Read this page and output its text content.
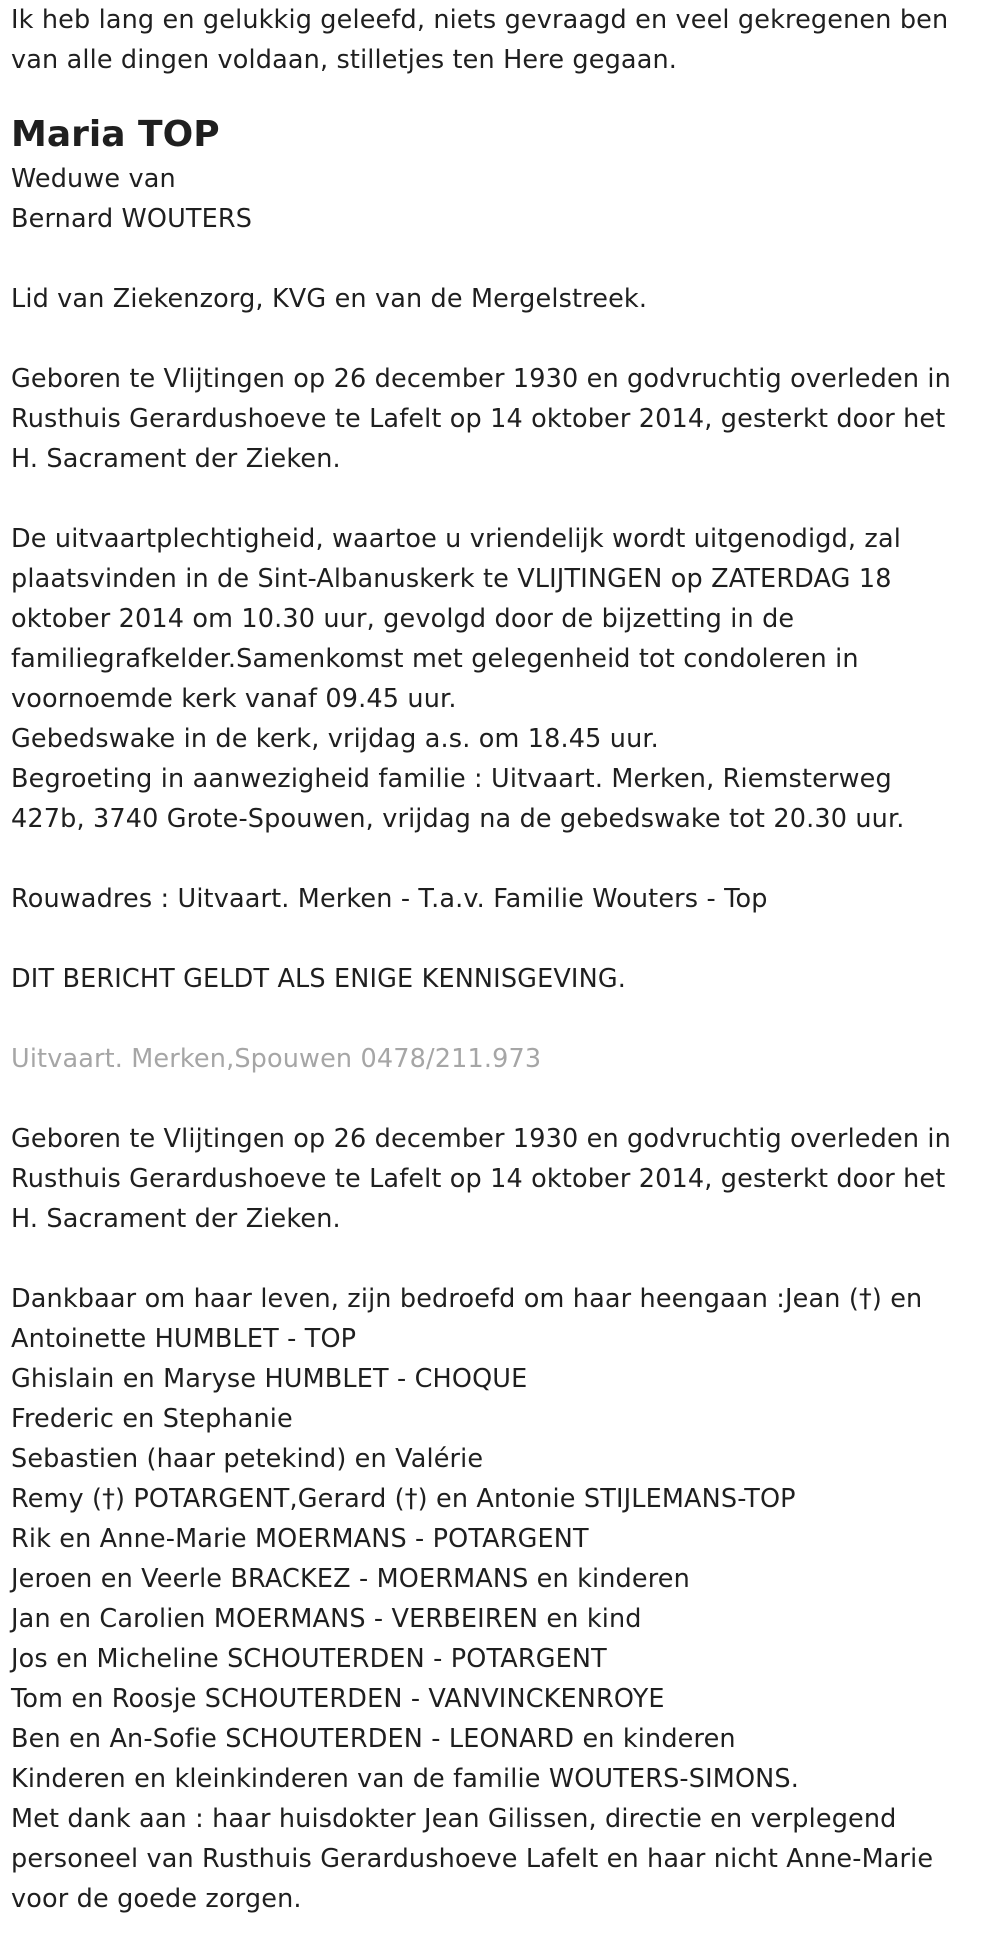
Ik heb lang en gelukkig geleefd, niets gevraagd en veel gekregenen ben
van alle dingen voldaan, stilletjes ten Here gegaan.
Maria TOP
Weduwe van
Bernard WOUTERS
Lid van Ziekenzorg, KVG en van de Mergelstreek.
Geboren te Vlijtingen op 26 december 1930 en godvruchtig overleden in
Rusthuis Gerardushoeve te Lafelt op 14 oktober 2014, gesterkt door het
H. Sacrament der Zieken.
De uitvaartplechtigheid, waartoe u vriendelijk wordt uitgenodigd, zal
plaatsvinden in de Sint-Albanuskerk te VLIJTINGEN op ZATERDAG 18
oktober 2014 om 10.30 uur, gevolgd door de bijzetting in de
familiegrafkelder.Samenkomst met gelegenheid tot condoleren in
voornoemde kerk vanaf 09.45 uur.
Gebedswake in de kerk, vrijdag a.s. om 18.45 uur.
Begroeting in aanwezigheid familie : Uitvaart. Merken, Riemsterweg
427b, 3740 Grote-Spouwen, vrijdag na de gebedswake tot 20.30 uur.
Rouwadres : Uitvaart. Merken - T.a.v. Familie Wouters - Top
DIT BERICHT GELDT ALS ENIGE KENNISGEVING.
Uitvaart. Merken,Spouwen 0478/211.973
Geboren te Vlijtingen op 26 december 1930 en godvruchtig overleden in
Rusthuis Gerardushoeve te Lafelt op 14 oktober 2014, gesterkt door het
H. Sacrament der Zieken.
Dankbaar om haar leven, zijn bedroefd om haar heengaan :Jean (†) en
Antoinette HUMBLET - TOP
Ghislain en Maryse HUMBLET - CHOQUE
Frederic en Stephanie
Sebastien (haar petekind) en Valérie
Remy (†) POTARGENT,Gerard (†) en Antonie STIJLEMANS-TOP
Rik en Anne-Marie MOERMANS - POTARGENT
Jeroen en Veerle BRACKEZ - MOERMANS en kinderen
Jan en Carolien MOERMANS - VERBEIREN en kind
Jos en Micheline SCHOUTERDEN - POTARGENT
Tom en Roosje SCHOUTERDEN - VANVINCKENROYE
Ben en An-Sofie SCHOUTERDEN - LEONARD en kinderen
Kinderen en kleinkinderen van de familie WOUTERS-SIMONS.
Met dank aan : haar huisdokter Jean Gilissen, directie en verplegend
personeel van Rusthuis Gerardushoeve Lafelt en haar nicht Anne-Marie
voor de goede zorgen.
